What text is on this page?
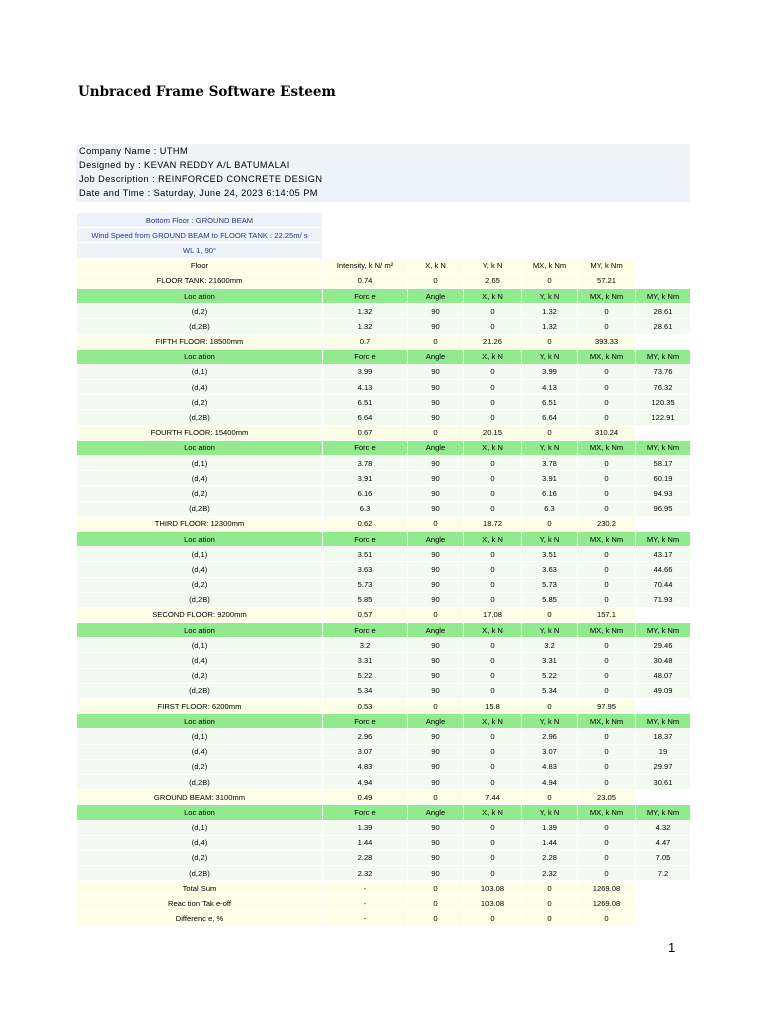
Unbraced Frame Software Esteem
Company Name : UTHM
Designed by : KEVAN REDDY A/L BATUMALAI
Job Description : REINFORCED CONCRETE DESIGN
Date and Time : Saturday, June 24, 2023 6:14:05 PM
Bottom Floor : GROUND BEAM						
Wind Speed from GROUND BEAM to FLOOR TANK : 22.25m/ s						
WL 1, 90°						
Floor	Intensity, k N/ m²	X, k N	Y, k N	MX, k Nm	MY, k Nm	
FLOOR TANK: 21600mm	0.74	0	2.65	0	57.21	
Loc ation	Forc e	Angle	X, k N	Y, k N	MX, k Nm	MY, k Nm
(d,2)	1.32	90	0	1.32	0	28.61
(d,2B)	1.32	90	0	1.32	0	28.61
FIFTH FLOOR: 18500mm	0.7	0	21.26	0	393.33	
Loc ation	Forc e	Angle	X, k N	Y, k N	MX, k Nm	MY, k Nm
(d,1)	3.99	90	0	3.99	0	73.76
(d,4)	4.13	90	0	4.13	0	76.32
(d,2)	6.51	90	0	6.51	0	120.35
(d,2B)	6.64	90	0	6.64	0	122.91
FOURTH FLOOR: 15400mm	0.67	0	20.15	0	310.24	
Loc ation	Forc e	Angle	X, k N	Y, k N	MX, k Nm	MY, k Nm
(d,1)	3.78	90	0	3.78	0	58.17
(d,4)	3.91	90	0	3.91	0	60.19
(d,2)	6.16	90	0	6.16	0	94.93
(d,2B)	6.3	90	0	6.3	0	96.95
THIRD FLOOR: 12300mm	0.62	0	18.72	0	230.2	
Loc ation	Forc e	Angle	X, k N	Y, k N	MX, k Nm	MY, k Nm
(d,1)	3.51	90	0	3.51	0	43.17
(d,4)	3.63	90	0	3.63	0	44.66
(d,2)	5.73	90	0	5.73	0	70.44
(d,2B)	5.85	90	0	5.85	0	71.93
SECOND FLOOR: 9200mm	0.57	0	17.08	0	157.1	
Loc ation	Forc e	Angle	X, k N	Y, k N	MX, k Nm	MY, k Nm
(d,1)	3.2	90	0	3.2	0	29.46
(d,4)	3.31	90	0	3.31	0	30.48
(d,2)	5.22	90	0	5.22	0	48.07
(d,2B)	5.34	90	0	5.34	0	49.09
FIRST FLOOR: 6200mm	0.53	0	15.8	0	97.95	
Loc ation	Forc e	Angle	X, k N	Y, k N	MX, k Nm	MY, k Nm
(d,1)	2.96	90	0	2.96	0	18.37
(d,4)	3.07	90	0	3.07	0	19
(d,2)	4.83	90	0	4.83	0	29.97
(d,2B)	4.94	90	0	4.94	0	30.61
GROUND BEAM: 3100mm	0.49	0	7.44	0	23.05	
Loc ation	Forc e	Angle	X, k N	Y, k N	MX, k Nm	MY, k Nm
(d,1)	1.39	90	0	1.39	0	4.32
(d,4)	1.44	90	0	1.44	0	4.47
(d,2)	2.28	90	0	2.28	0	7.05
(d,2B)	2.32	90	0	2.32	0	7.2
Total Sum	-	0	103.08	0	1269.08	
Reac tion Tak e-off	-	0	103.08	0	1269.08	
Differenc e, %	-	0	0	0	0	
1
